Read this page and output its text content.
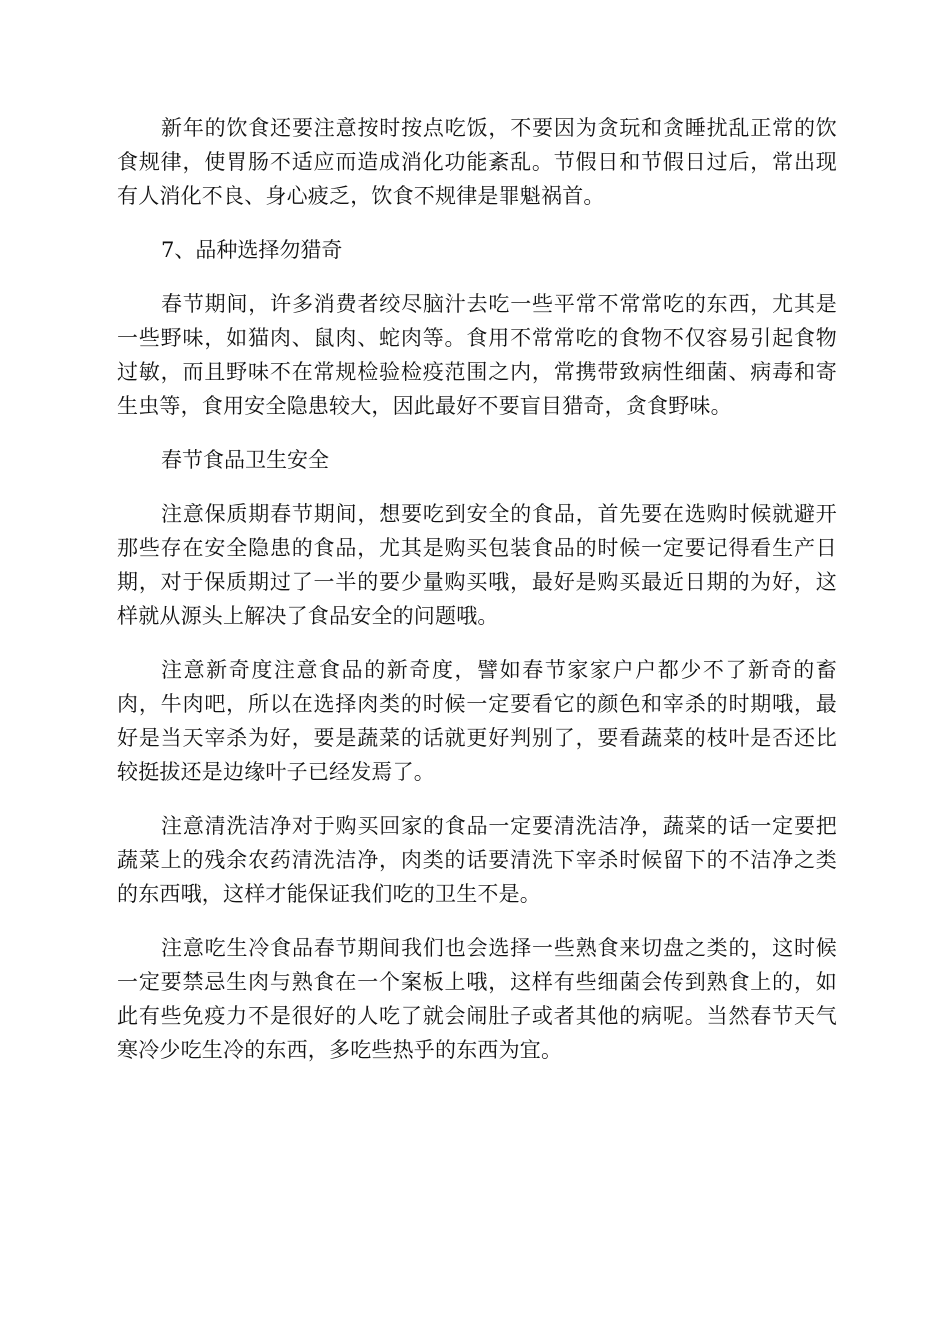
新年的饮食还要注意按时按点吃饭，不要因为贪玩和贪睡扰乱正常的饮食规律，使胃肠不适应而造成消化功能紊乱。节假日和节假日过后，常出现有人消化不良、身心疲乏，饮食不规律是罪魁祸首。

7、品种选择勿猎奇

春节期间，许多消费者绞尽脑汁去吃一些平常不常常吃的东西，尤其是一些野味，如猫肉、鼠肉、蛇肉等。食用不常常吃的食物不仅容易引起食物过敏，而且野味不在常规检验检疫范围之内，常携带致病性细菌、病毒和寄生虫等，食用安全隐患较大，因此最好不要盲目猎奇，贪食野味。

春节食品卫生安全

注意保质期春节期间，想要吃到安全的食品，首先要在选购时候就避开那些存在安全隐患的食品，尤其是购买包装食品的时候一定要记得看生产日期，对于保质期过了一半的要少量购买哦，最好是购买最近日期的为好，这样就从源头上解决了食品安全的问题哦。

注意新奇度注意食品的新奇度，譬如春节家家户户都少不了新奇的畜肉，牛肉吧，所以在选择肉类的时候一定要看它的颜色和宰杀的时期哦，最好是当天宰杀为好，要是蔬菜的话就更好判别了，要看蔬菜的枝叶是否还比较挺拔还是边缘叶子已经发焉了。

注意清洗洁净对于购买回家的食品一定要清洗洁净，蔬菜的话一定要把蔬菜上的残余农药清洗洁净，肉类的话要清洗下宰杀时候留下的不洁净之类的东西哦，这样才能保证我们吃的卫生不是。

注意吃生冷食品春节期间我们也会选择一些熟食来切盘之类的，这时候一定要禁忌生肉与熟食在一个案板上哦，这样有些细菌会传到熟食上的，如此有些免疫力不是很好的人吃了就会闹肚子或者其他的病呢。当然春节天气寒冷少吃生冷的东西，多吃些热乎的东西为宜。
